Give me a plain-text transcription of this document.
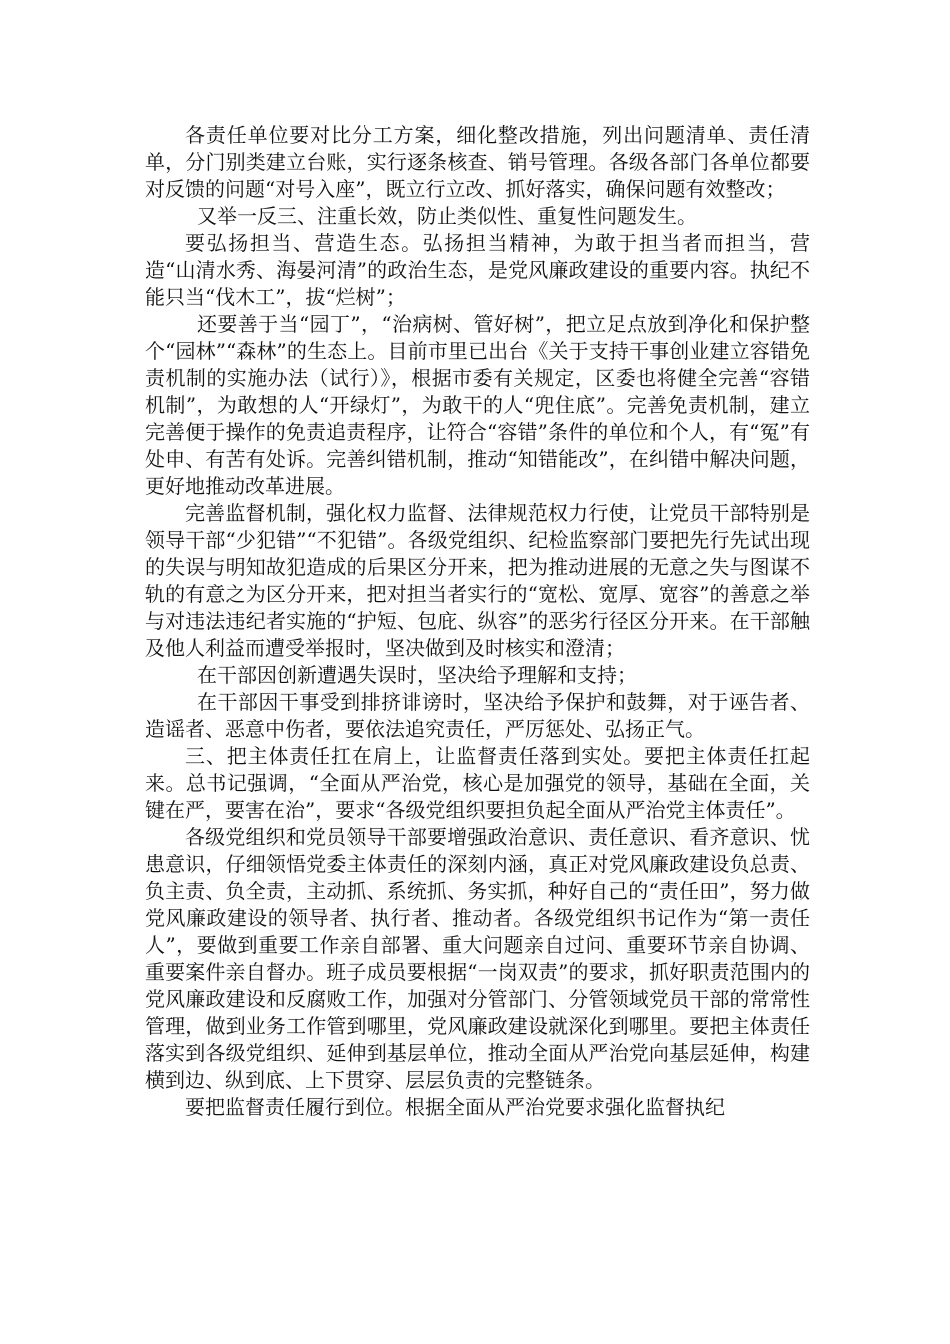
各责任单位要对比分工方案，细化整改措施，列出问题清单、责任清单，分门别类建立台账，实行逐条核查、销号管理。各级各部门各单位都要对反馈的问题“对号入座”，既立行立改、抓好落实，确保问题有效整改；

又举一反三、注重长效，防止类似性、重复性问题发生。

要弘扬担当、营造生态。弘扬担当精神，为敢于担当者而担当，营造“山清水秀、海晏河清”的政治生态，是党风廉政建设的重要内容。执纪不能只当“伐木工”，拔“烂树”；

还要善于当“园丁”，“治病树、管好树”，把立足点放到净化和保护整个“园林”“森林”的生态上。目前市里已出台《关于支持干事创业建立容错免责机制的实施办法（试行）》，根据市委有关规定，区委也将健全完善“容错机制”，为敢想的人“开绿灯”，为敢干的人“兜住底”。完善免责机制，建立完善便于操作的免责追责程序，让符合“容错”条件的单位和个人，有“冤”有处申、有苦有处诉。完善纠错机制，推动“知错能改”，在纠错中解决问题，更好地推动改革进展。

完善监督机制，强化权力监督、法律规范权力行使，让党员干部特别是领导干部“少犯错”“不犯错”。各级党组织、纪检监察部门要把先行先试出现的失误与明知故犯造成的后果区分开来，把为推动进展的无意之失与图谋不轨的有意之为区分开来，把对担当者实行的“宽松、宽厚、宽容”的善意之举与对违法违纪者实施的“护短、包庇、纵容”的恶劣行径区分开来。在干部触及他人利益而遭受举报时，坚决做到及时核实和澄清；

在干部因创新遭遇失误时，坚决给予理解和支持；

在干部因干事受到排挤诽谤时，坚决给予保护和鼓舞，对于诬告者、造谣者、恶意中伤者，要依法追究责任，严厉惩处、弘扬正气。

三、把主体责任扛在肩上，让监督责任落到实处。要把主体责任扛起来。总书记强调，“全面从严治党，核心是加强党的领导，基础在全面，关键在严，要害在治”，要求“各级党组织要担负起全面从严治党主体责任”。

各级党组织和党员领导干部要增强政治意识、责任意识、看齐意识、忧患意识，仔细领悟党委主体责任的深刻内涵，真正对党风廉政建设负总责、负主责、负全责，主动抓、系统抓、务实抓，种好自己的“责任田”，努力做党风廉政建设的领导者、执行者、推动者。各级党组织书记作为“第一责任人”，要做到重要工作亲自部署、重大问题亲自过问、重要环节亲自协调、重要案件亲自督办。班子成员要根据“一岗双责”的要求，抓好职责范围内的党风廉政建设和反腐败工作，加强对分管部门、分管领域党员干部的常常性管理，做到业务工作管到哪里，党风廉政建设就深化到哪里。要把主体责任落实到各级党组织、延伸到基层单位，推动全面从严治党向基层延伸，构建横到边、纵到底、上下贯穿、层层负责的完整链条。

要把监督责任履行到位。根据全面从严治党要求强化监督执纪
